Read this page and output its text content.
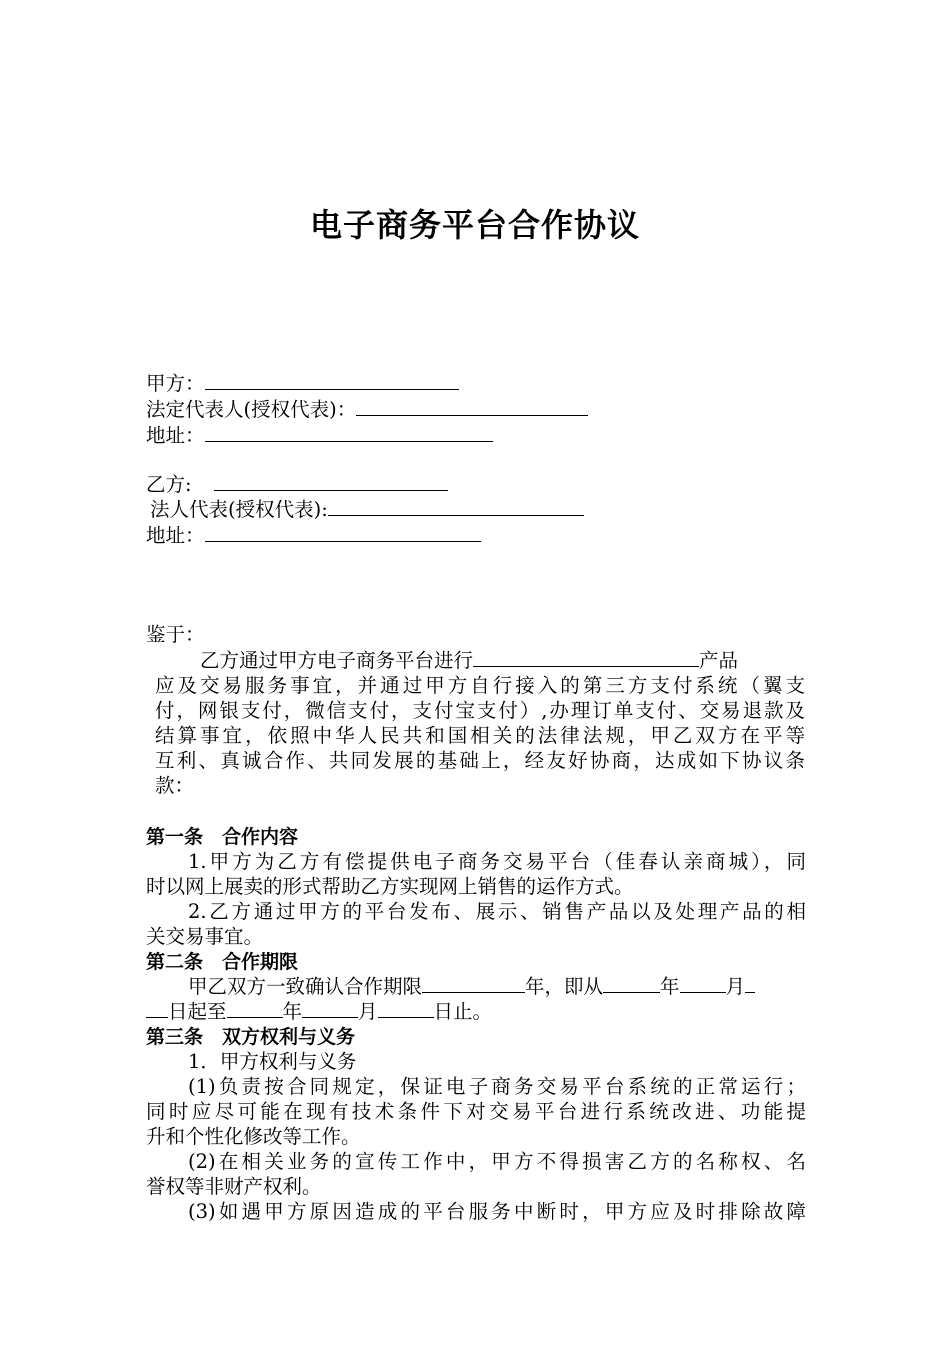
电子商务平台合作协议
甲方：
法定代表人(授权代表)：
地址：
乙方:
法人代表(授权代表):
地址：
鉴于：
乙方通过甲方电子商务平台进行	产品
应及交易服务事宜，并通过甲方自行接入的第三方支付系统（翼支
付，网银支付，微信支付，支付宝支付）,办理订单支付、交易退款及
结算事宜，依照中华人民共和国相关的法律法规，甲乙双方在平等
互利、真诚合作、共同发展的基础上，经友好协商，达成如下协议条
款：
第一条　合作内容
1.甲方为乙方有偿提供电子商务交易平台（佳春认亲商城），同
时以网上展卖的形式帮助乙方实现网上销售的运作方式。
2.乙方通过甲方的平台发布、展示、销售产品以及处理产品的相
关交易事宜。
第二条　合作期限
甲乙双方一致确认合作期限	年，即从	年 月
日起至	年	月	日止。
第三条　双方权利与义务
1．甲方权利与义务
(1)负责按合同规定，保证电子商务交易平台系统的正常运行；
同时应尽可能在现有技术条件下对交易平台进行系统改进、功能提
升和个性化修改等工作。
(2)在相关业务的宣传工作中，甲方不得损害乙方的名称权、名
誉权等非财产权利。
(3)如遇甲方原因造成的平台服务中断时，甲方应及时排除故障
